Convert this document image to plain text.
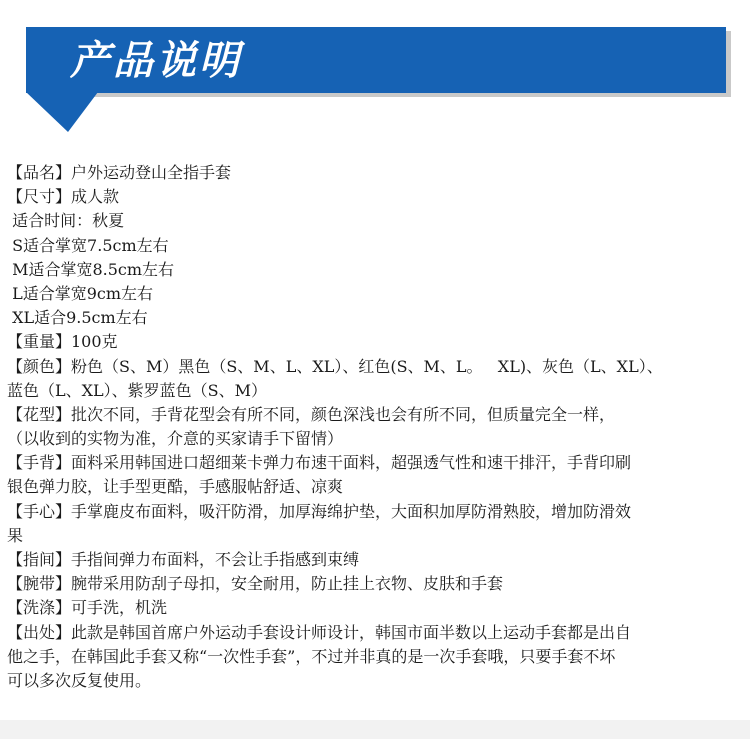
产品说明
【品名】户外运动登山全指手套
【尺寸】成人款
适合时间：秋夏
S适合掌宽7.5cm左右
M适合掌宽8.5cm左右
L适合掌宽9cm左右
XL适合9.5cm左右
【重量】100克
【颜色】粉色（S、M）黑色（S、M、L、XL）、红色(S、M、L。   XL)、灰色（L、XL）、
蓝色（L、XL）、紫罗蓝色（S、M）
【花型】批次不同，手背花型会有所不同，颜色深浅也会有所不同，但质量完全一样，
（以收到的实物为准，介意的买家请手下留情）
【手背】面料采用韩国进口超细莱卡弹力布速干面料，超强透气性和速干排汗，手背印刷
银色弹力胶，让手型更酷，手感服帖舒适、凉爽
【手心】手掌鹿皮布面料，吸汗防滑，加厚海绵护垫，大面积加厚防滑熟胶，增加防滑效
果
【指间】手指间弹力布面料，不会让手指感到束缚
【腕带】腕带采用防刮子母扣，安全耐用，防止挂上衣物、皮肤和手套
【洗涤】可手洗，机洗
【出处】此款是韩国首席户外运动手套设计师设计，韩国市面半数以上运动手套都是出自
他之手，在韩国此手套又称“一次性手套”，不过并非真的是一次手套哦，只要手套不坏
可以多次反复使用。
